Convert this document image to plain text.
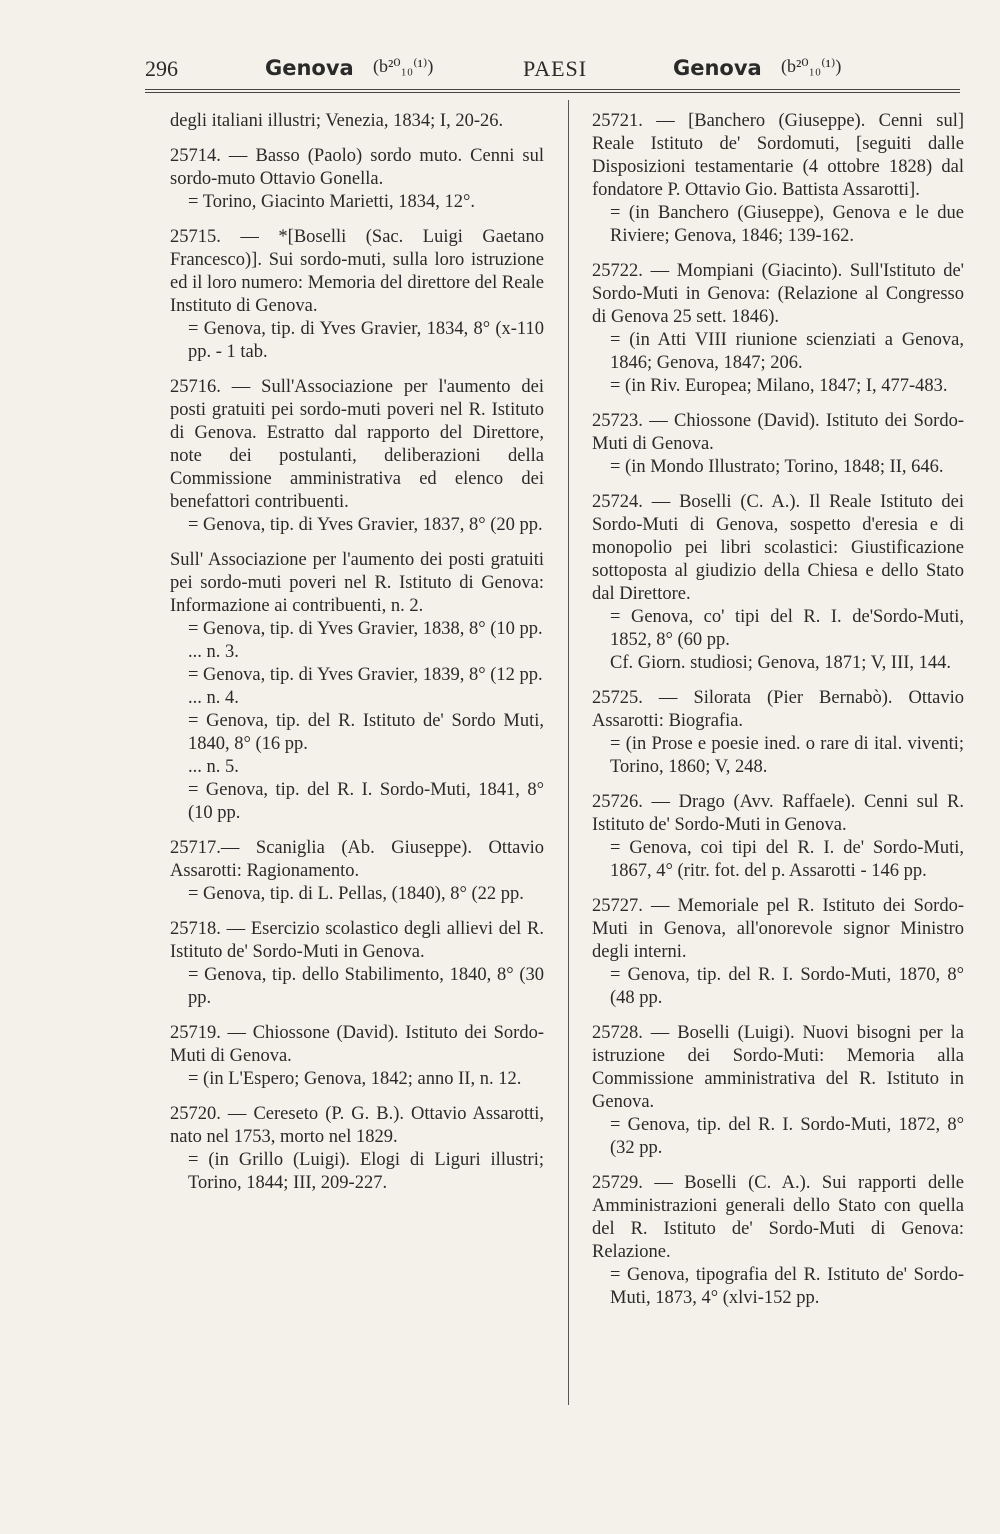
296	Genova (b²⁰₁₀⁽¹⁾)	PAESI	Genova (b²⁰₁₀⁽¹⁾)
degli italiani illustri; Venezia, 1834; I, 20-26.
25714. — Basso (Paolo) sordo muto. Cenni sul sordo-muto Ottavio Gonella.
= Torino, Giacinto Marietti, 1834, 12°.
25715. — *[Boselli (Sac. Luigi Gaetano Francesco)]. Sui sordo-muti, sulla loro istruzione ed il loro numero: Memoria del direttore del Reale Instituto di Genova.
= Genova, tip. di Yves Gravier, 1834, 8° (x-110 pp. - 1 tab.
25716. — Sull'Associazione per l'aumento dei posti gratuiti pei sordo-muti poveri nel R. Istituto di Genova. Estratto dal rapporto del Direttore, note dei postulanti, deliberazioni della Commissione amministrativa ed elenco dei benefattori contribuenti.
= Genova, tip. di Yves Gravier, 1837, 8° (20 pp.
Sull' Associazione per l'aumento dei posti gratuiti pei sordo-muti poveri nel R. Istituto di Genova: Informazione ai contribuenti, n. 2.
= Genova, tip. di Yves Gravier, 1838, 8° (10 pp.
... n. 3.
= Genova, tip. di Yves Gravier, 1839, 8° (12 pp.
... n. 4.
= Genova, tip. del R. Istituto de' Sordo Muti, 1840, 8° (16 pp.
... n. 5.
= Genova, tip. del R. I. Sordo-Muti, 1841, 8° (10 pp.
25717.— Scaniglia (Ab. Giuseppe). Ottavio Assarotti: Ragionamento.
= Genova, tip. di L. Pellas, (1840), 8° (22 pp.
25718. — Esercizio scolastico degli allievi del R. Istituto de' Sordo-Muti in Genova.
= Genova, tip. dello Stabilimento, 1840, 8° (30 pp.
25719. — Chiossone (David). Istituto dei Sordo-Muti di Genova.
= (in L'Espero; Genova, 1842; anno II, n. 12.
25720. — Cereseto (P. G. B.). Ottavio Assarotti, nato nel 1753, morto nel 1829.
= (in Grillo (Luigi). Elogi di Liguri illustri; Torino, 1844; III, 209-227.
25721. — [Banchero (Giuseppe). Cenni sul] Reale Istituto de' Sordomuti, [seguiti dalle Disposizioni testamentarie (4 ottobre 1828) dal fondatore P. Ottavio Gio. Battista Assarotti].
= (in Banchero (Giuseppe), Genova e le due Riviere; Genova, 1846; 139-162.
25722. — Mompiani (Giacinto). Sull'Istituto de' Sordo-Muti in Genova: (Relazione al Congresso di Genova 25 sett. 1846).
= (in Atti VIII riunione scienziati a Genova, 1846; Genova, 1847; 206.
= (in Riv. Europea; Milano, 1847; I, 477-483.
25723. — Chiossone (David). Istituto dei Sordo-Muti di Genova.
= (in Mondo Illustrato; Torino, 1848; II, 646.
25724. — Boselli (C. A.). Il Reale Istituto dei Sordo-Muti di Genova, sospetto d'eresia e di monopolio pei libri scolastici: Giustificazione sottoposta al giudizio della Chiesa e dello Stato dal Direttore.
= Genova, co' tipi del R. I. de'Sordo-Muti, 1852, 8° (60 pp.
Cf. Giorn. studiosi; Genova, 1871; V, III, 144.
25725. — Silorata (Pier Bernabò). Ottavio Assarotti: Biografia.
= (in Prose e poesie ined. o rare di ital. viventi; Torino, 1860; V, 248.
25726. — Drago (Avv. Raffaele). Cenni sul R. Istituto de' Sordo-Muti in Genova.
= Genova, coi tipi del R. I. de' Sordo-Muti, 1867, 4° (ritr. fot. del p. Assarotti - 146 pp.
25727. — Memoriale pel R. Istituto dei Sordo-Muti in Genova, all'onorevole signor Ministro degli interni.
= Genova, tip. del R. I. Sordo-Muti, 1870, 8° (48 pp.
25728. — Boselli (Luigi). Nuovi bisogni per la istruzione dei Sordo-Muti: Memoria alla Commissione amministrativa del R. Istituto in Genova.
= Genova, tip. del R. I. Sordo-Muti, 1872, 8° (32 pp.
25729. — Boselli (C. A.). Sui rapporti delle Amministrazioni generali dello Stato con quella del R. Istituto de' Sordo-Muti di Genova: Relazione.
= Genova, tipografia del R. Istituto de' Sordo-Muti, 1873, 4° (xlvi-152 pp.
